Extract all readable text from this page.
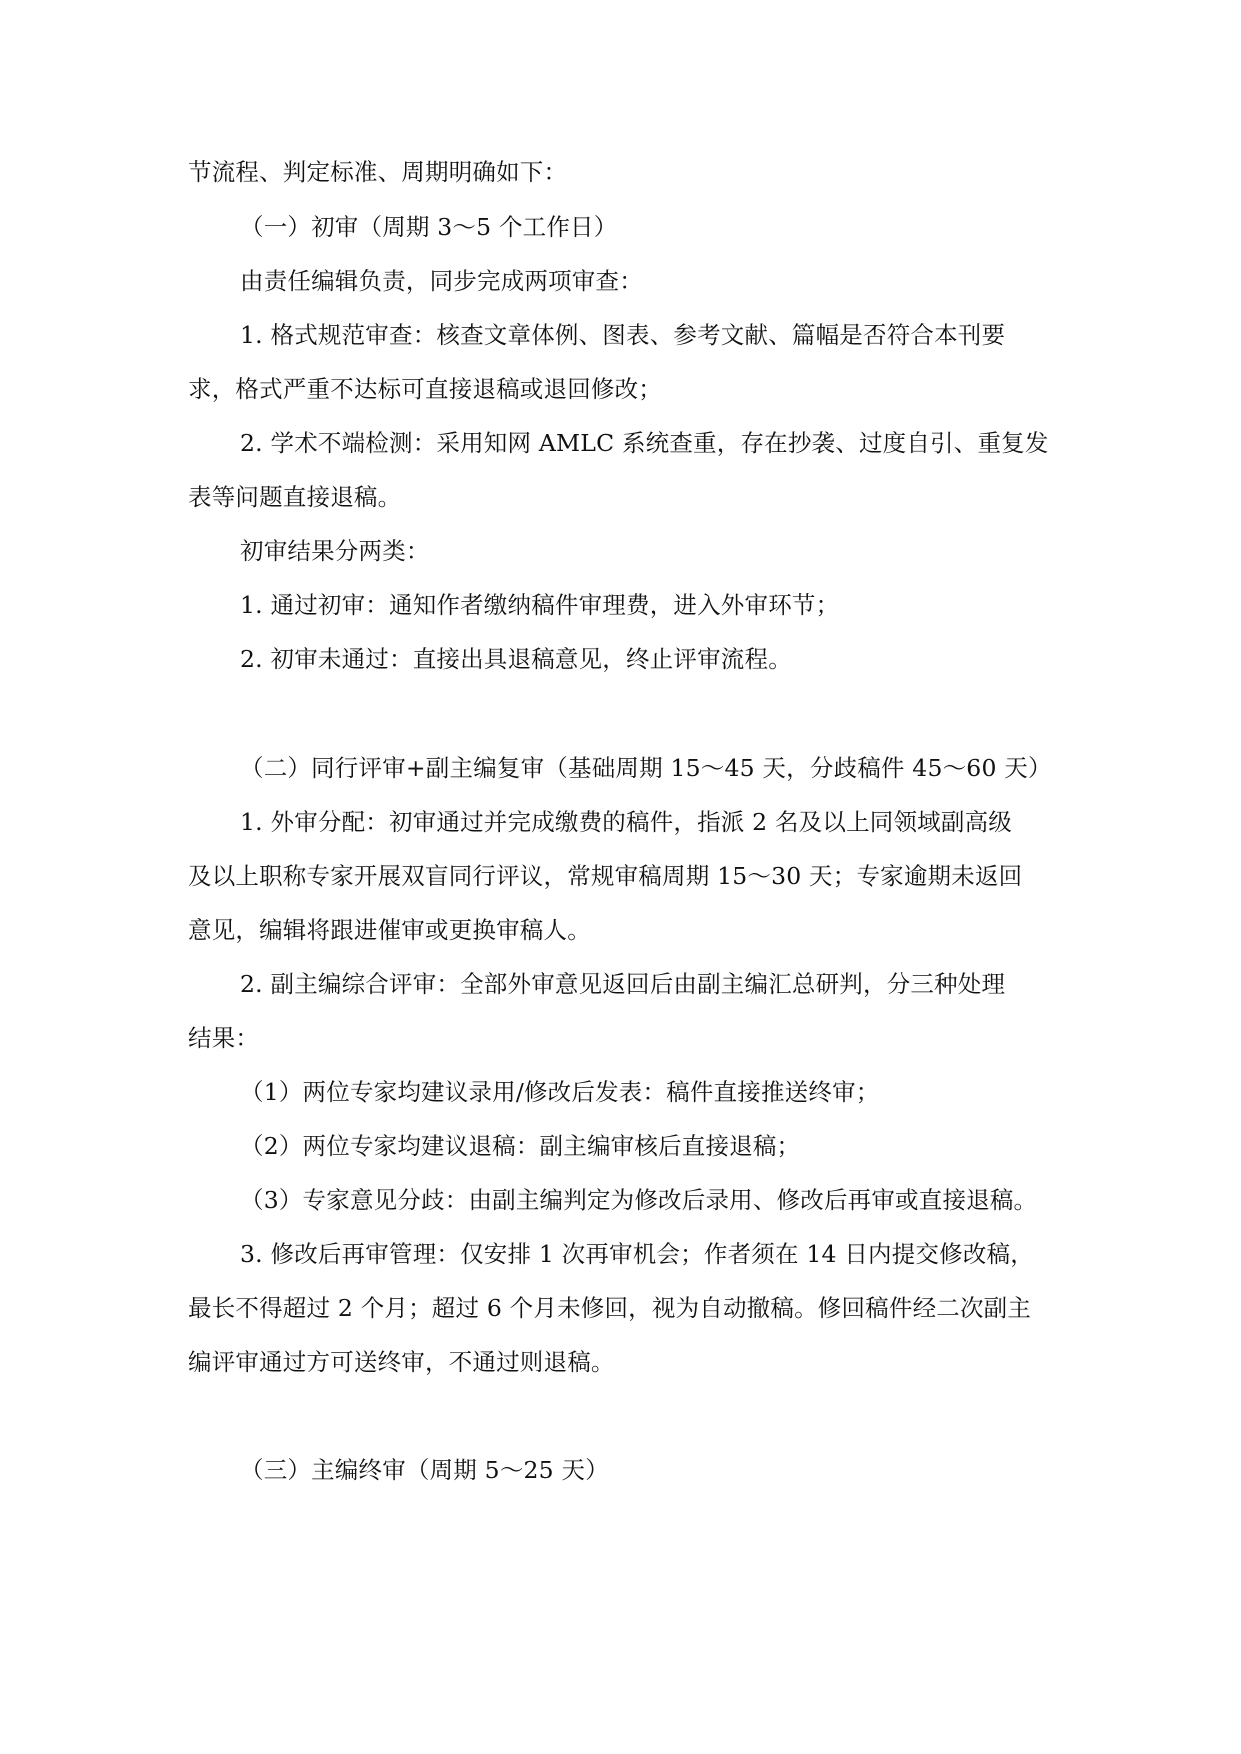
节流程、判定标准、周期明确如下：
（一）初审（周期 3～5 个工作日）
由责任编辑负责，同步完成两项审查：
1. 格式规范审查：核查文章体例、图表、参考文献、篇幅是否符合本刊要
求，格式严重不达标可直接退稿或退回修改；
2. 学术不端检测：采用知网 AMLC 系统查重，存在抄袭、过度自引、重复发
表等问题直接退稿。
初审结果分两类：
1. 通过初审：通知作者缴纳稿件审理费，进入外审环节；
2. 初审未通过：直接出具退稿意见，终止评审流程。
（二）同行评审+副主编复审（基础周期 15～45 天，分歧稿件 45～60 天）
1. 外审分配：初审通过并完成缴费的稿件，指派 2 名及以上同领域副高级
及以上职称专家开展双盲同行评议，常规审稿周期 15～30 天；专家逾期未返回
意见，编辑将跟进催审或更换审稿人。
2. 副主编综合评审：全部外审意见返回后由副主编汇总研判，分三种处理
结果：
（1）两位专家均建议录用/修改后发表：稿件直接推送终审；
（2）两位专家均建议退稿：副主编审核后直接退稿；
（3）专家意见分歧：由副主编判定为修改后录用、修改后再审或直接退稿。
3. 修改后再审管理：仅安排 1 次再审机会；作者须在 14 日内提交修改稿，
最长不得超过 2 个月；超过 6 个月未修回，视为自动撤稿。修回稿件经二次副主
编评审通过方可送终审，不通过则退稿。
（三）主编终审（周期 5～25 天）
